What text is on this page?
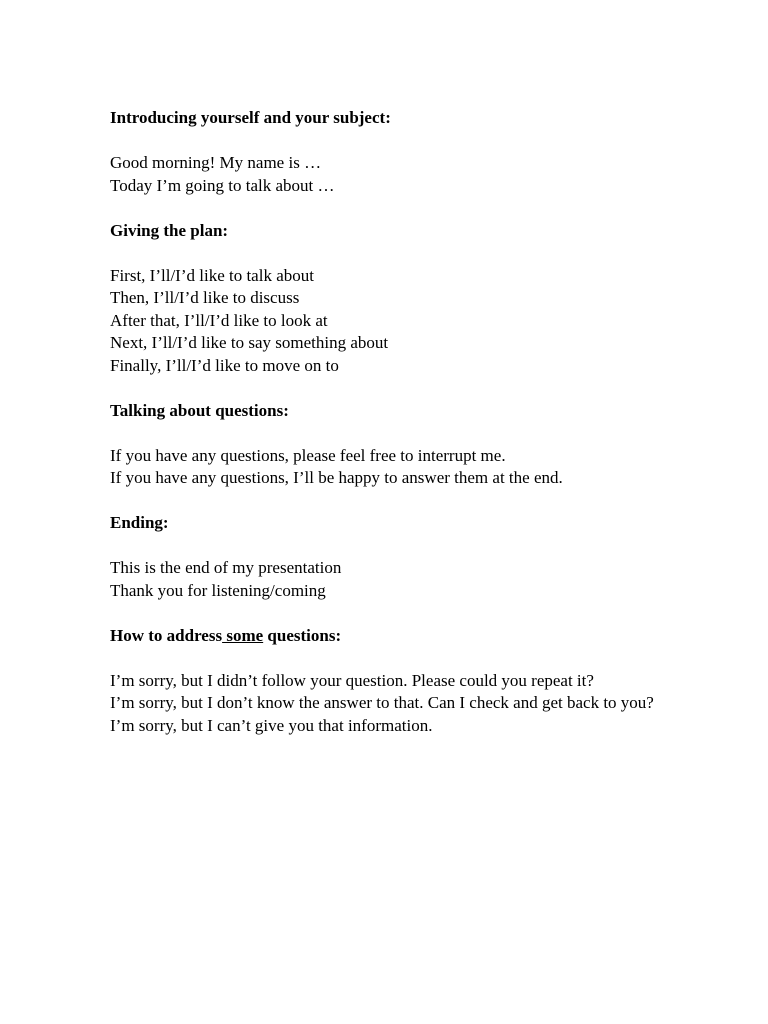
Introducing yourself and your subject:

Good morning! My name is …

Today I’m going to talk about …

Giving the plan:

First, I’ll/I’d like to talk about

Then, I’ll/I’d like to discuss

After that, I’ll/I’d like to look at

Next, I’ll/I’d like to say something about

Finally, I’ll/I’d like to move on to

Talking about questions:

If you have any questions, please feel free to interrupt me.

If you have any questions, I’ll be happy to answer them at the end.

Ending:

This is the end of my presentation

Thank you for listening/coming

How to address some questions:

I’m sorry, but I didn’t follow your question. Please could you repeat it?

I’m sorry, but I don’t know the answer to that. Can I check and get back to you?

I’m sorry, but I can’t give you that information.
